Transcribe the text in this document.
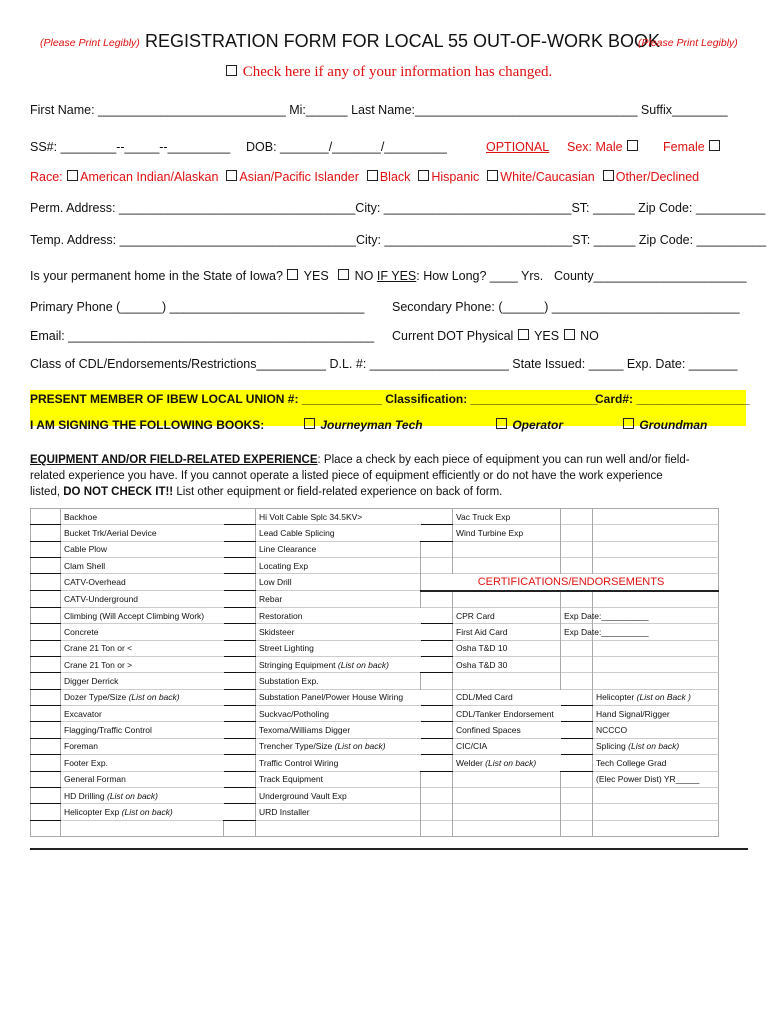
(Please Print Legibly) REGISTRATION FORM FOR LOCAL 55 OUT-OF-WORK BOOK
(Please Print Legibly)
Check here if any of your information has changed.
First Name: ___________________________ Mi:______ Last Name:________________________________ Suffix________
SS#: ________--_____--_________ DOB: _______/_______/_________	OPTIONAL Sex: Male	Female
Race: American Indian/Alaskan Asian/Pacific Islander Black Hispanic White/Caucasian Other/Declined
Perm. Address: __________________________________City: ___________________________ST: ______ Zip Code: __________
Temp. Address: __________________________________City: ___________________________ST: ______ Zip Code: __________
Is your permanent home in the State of Iowa? YES NO IF YES: How Long? ____ Yrs. County______________________
Primary Phone (______) ____________________________ Secondary Phone: (______) ___________________________
Email: ____________________________________________ Current DOT Physical YES NO
Class of CDL/Endorsements/Restrictions__________ D.L. #: ____________________ State Issued: _____ Exp. Date: _______
PRESENT MEMBER OF IBEW LOCAL UNION #: ____________ Classification: ___________________
Card#: _________________
I AM SIGNING THE FOLLOWING BOOKS:	Journeyman Tech	Operator	Groundman
EQUIPMENT AND/OR FIELD-RELATED EXPERIENCE: Place a check by each piece of equipment you can run well and/or field-
related experience you have. If you cannot operate a listed piece of equipment efficiently or do not have the work experience
listed, DO NOT CHECK IT!! List other equipment or field-related experience on back of form.
	Backhoe		Hi Volt Cable Splc 34.5KV>		Vac Truck Exp		
	Bucket Trk/Aerial Device		Lead Cable Splicing		Wind Turbine Exp		
	Cable Plow		Line Clearance				
	Clam Shell		Locating Exp				
	CATV-Overhead		Low Drill	CERTIFICATIONS/ENDORSEMENTS			
	CATV-Underground		Rebar				
	Climbing (Will Accept Climbing Work)		Restoration		CPR Card	Exp Date:__________	
	Concrete		Skidsteer		First Aid Card	Exp Date:__________	
	Crane 21 Ton or <		Street Lighting		Osha T&D 10		
	Crane 21 Ton or >		Stringing Equipment (List on back)		Osha T&D 30		
	Digger Derrick		Substation Exp.				
	Dozer Type/Size (List on back)		Substation Panel/Power House Wiring		CDL/Med Card		Helicopter (List on Back )
	Excavator		Suckvac/Potholing		CDL/Tanker Endorsement		Hand Signal/Rigger
	Flagging/Traffic Control		Texoma/Williams Digger		Confined Spaces		NCCCO
	Foreman		Trencher Type/Size (List on back)		CIC/CIA		Splicing (List on back)
	Footer Exp.		Traffic Control Wiring		Welder (List on back)		Tech College Grad
	General Forman		Track Equipment				(Elec Power Dist) YR_____
	HD Drilling (List on back)		Underground Vault Exp				
	Helicopter Exp (List on back)		URD Installer				
